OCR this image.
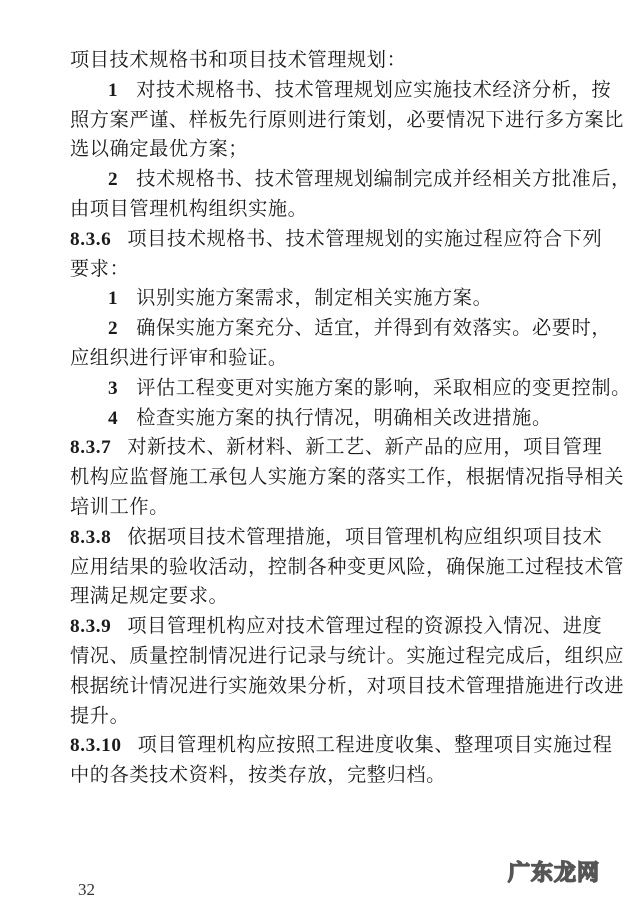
项目技术规格书和项目技术管理规划：
1 对技术规格书、技术管理规划应实施技术经济分析，按
照方案严谨、样板先行原则进行策划，必要情况下进行多方案比
选以确定最优方案；
2 技术规格书、技术管理规划编制完成并经相关方批准后，
由项目管理机构组织实施。
8.3.6 项目技术规格书、技术管理规划的实施过程应符合下列
要求：
1 识别实施方案需求，制定相关实施方案。
2 确保实施方案充分、适宜，并得到有效落实。必要时，
应组织进行评审和验证。
3 评估工程变更对实施方案的影响，采取相应的变更控制。
4 检查实施方案的执行情况，明确相关改进措施。
8.3.7 对新技术、新材料、新工艺、新产品的应用，项目管理
机构应监督施工承包人实施方案的落实工作，根据情况指导相关
培训工作。
8.3.8 依据项目技术管理措施，项目管理机构应组织项目技术
应用结果的验收活动，控制各种变更风险，确保施工过程技术管
理满足规定要求。
8.3.9 项目管理机构应对技术管理过程的资源投入情况、进度
情况、质量控制情况进行记录与统计。实施过程完成后，组织应
根据统计情况进行实施效果分析，对项目技术管理措施进行改进
提升。
8.3.10 项目管理机构应按照工程进度收集、整理项目实施过程
中的各类技术资料，按类存放，完整归档。
广东龙网
32
